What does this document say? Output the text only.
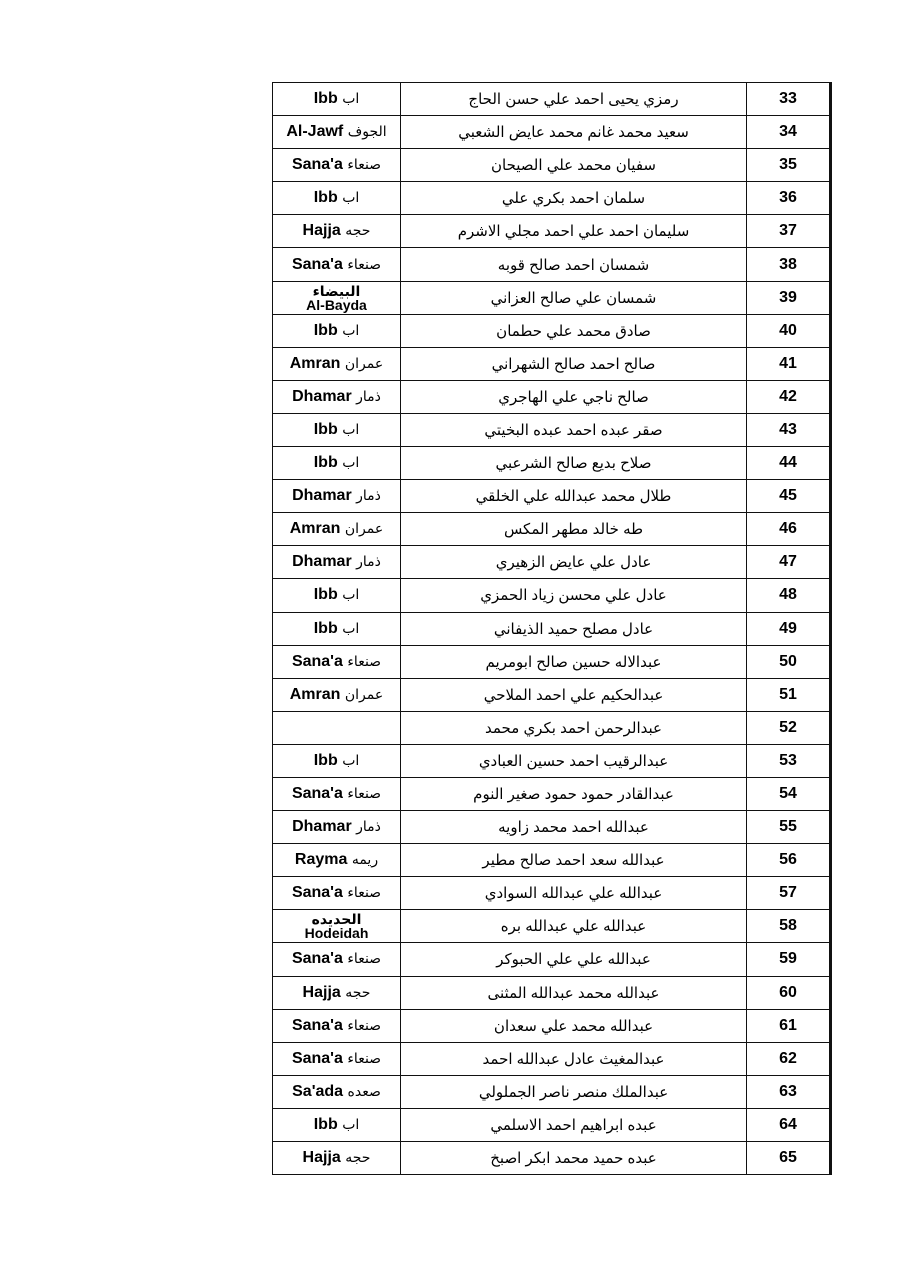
Ibb اب	رمزي يحيى احمد علي حسن الحاج	33
Al-Jawf الجوف	سعيد محمد غانم محمد عايض الشعبي	34
Sana'a صنعاء	سفيان محمد علي الصيحان	35
Ibb اب	سلمان احمد بكري علي	36
Hajja حجه	سليمان احمد علي احمد مجلي الاشرم	37
Sana'a صنعاء	شمسان احمد صالح قوبه	38

البيضاء
Al-Bayda	شمسان علي صالح العزاني	39
Ibb اب	صادق محمد علي حطمان	40
Amran عمران	صالح احمد صالح الشهراني	41
Dhamar ذمار	صالح ناجي علي الهاجري	42
Ibb اب	صقر عبده احمد عبده البخيتي	43
Ibb اب	صلاح بديع صالح الشرعبي	44
Dhamar ذمار	طلال محمد عبدالله علي الخلقي	45
Amran عمران	طه خالد مطهر المكس	46
Dhamar ذمار	عادل علي عايض الزهيري	47
Ibb اب	عادل علي محسن زياد الحمزي	48
Ibb اب	عادل مصلح حميد الذيفاني	49
Sana'a صنعاء	عبدالاله حسين صالح ابومريم	50
Amran عمران	عبدالحكيم علي احمد الملاحي	51
	عبدالرحمن احمد بكري محمد	52
Ibb اب	عبدالرقيب احمد حسين العبادي	53
Sana'a صنعاء	عبدالقادر حمود حمود صغير النوم	54
Dhamar ذمار	عبدالله احمد محمد زاويه	55
Rayma ريمه	عبدالله سعد احمد صالح مطير	56
Sana'a صنعاء	عبدالله علي عبدالله السوادي	57

الحديده
Hodeidah	عبدالله علي عبدالله بره	58
Sana'a صنعاء	عبدالله علي علي الحبوكر	59
Hajja حجه	عبدالله محمد عبدالله المثنى	60
Sana'a صنعاء	عبدالله محمد علي سعدان	61
Sana'a صنعاء	عبدالمغيث عادل عبدالله احمد	62
Sa'ada صعده	عبدالملك منصر ناصر الجملولي	63
Ibb اب	عبده ابراهيم احمد الاسلمي	64
Hajja حجه	عبده حميد محمد ابكر اصبخ	65
